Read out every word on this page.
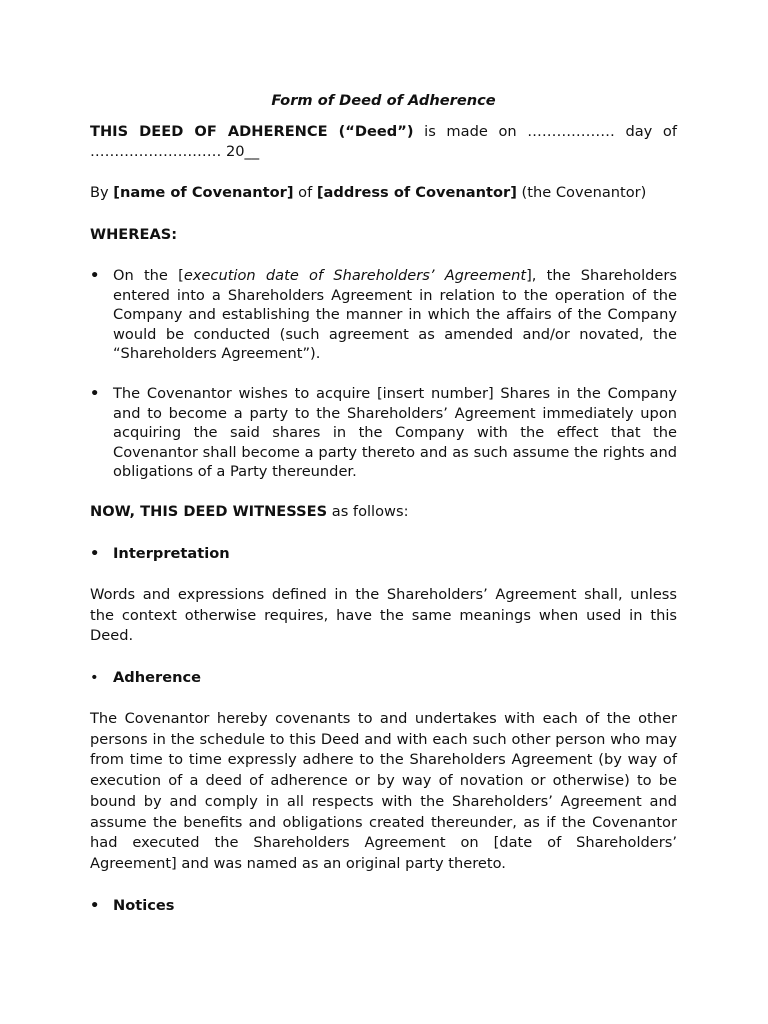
Form of Deed of Adherence

THIS DEED OF ADHERENCE (“Deed”) is made on ……………… day of ……………………… 20__

By [name of Covenantor] of [address of Covenantor] (the Covenantor)

WHEREAS:

• On the [execution date of Shareholders’ Agreement], the Shareholders entered into a Shareholders Agreement in relation to the operation of the Company and establishing the manner in which the affairs of the Company would be conducted (such agreement as amended and/or novated, the “Shareholders Agreement”).
• The Covenantor wishes to acquire [insert number] Shares in the Company and to become a party to the Shareholders’ Agreement immediately upon acquiring the said shares in the Company with the effect that the Covenantor shall become a party thereto and as such assume the rights and obligations of a Party thereunder.

NOW, THIS DEED WITNESSES as follows:

• Interpretation

Words and expressions defined in the Shareholders’ Agreement shall, unless the context otherwise requires, have the same meanings when used in this Deed.

• Adherence

The Covenantor hereby covenants to and undertakes with each of the other persons in the schedule to this Deed and with each such other person who may from time to time expressly adhere to the Shareholders Agreement (by way of execution of a deed of adherence or by way of novation or otherwise) to be bound by and comply in all respects with the Shareholders’ Agreement and assume the benefits and obligations created thereunder, as if the Covenantor had executed the Shareholders Agreement on [date of Shareholders’ Agreement] and was named as an original party thereto.

• Notices
